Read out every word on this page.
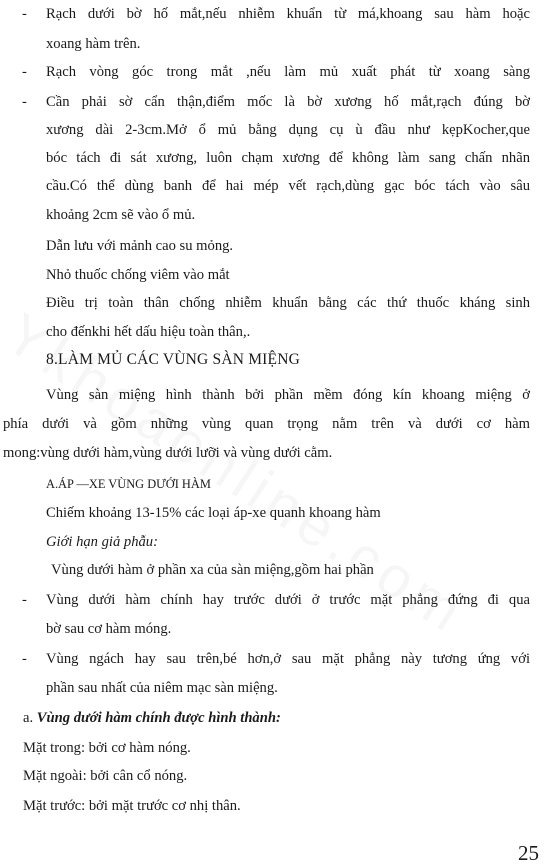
- Rạch dưới bờ hố mắt,nếu nhiễm khuẩn từ má,khoang sau hàm hoặc
xoang hàm trên.
- Rạch vòng góc trong mắt ,nếu làm mủ xuất phát từ xoang sàng
- Cần phải sờ cẩn thận,điểm mốc là bờ xương hố mắt,rạch đúng bờ
xương dài 2-3cm.Mở ổ mủ bằng dụng cụ ù đầu như kẹpKocher,que
bóc tách đi sát xương, luôn chạm xương để không làm sang chấn nhãn
cầu.Có thể dùng banh để hai mép vết rạch,dùng gạc bóc tách vào sâu
khoảng 2cm sẽ vào ổ mủ.
Dẫn lưu với mảnh cao su mỏng.
Nhỏ thuốc chống viêm vào mắt
Điều trị toàn thân chống nhiễm khuẩn bằng các thứ thuốc kháng sinh
cho đếnkhi hết dấu hiệu toàn thân,.
8.LÀM MỦ CÁC VÙNG SÀN MIỆNG
Vùng sàn miệng hình thành bởi phần mềm đóng kín khoang miệng ở
phía dưới và gồm những vùng quan trọng nằm trên và dưới cơ hàm
mong:vùng dưới hàm,vùng dưới lưỡi và vùng dưới cằm.
A.ÁP —XE VÙNG DƯỚI HÀM
Chiếm khoảng 13-15% các loại áp-xe quanh khoang hàm
Giới hạn giả phẫu:
Vùng dưới hàm ở phần xa của sàn miệng,gồm hai phần
- Vùng dưới hàm chính hay trước dưới ở trước mặt phẳng đứng đi qua
bờ sau cơ hàm móng.
- Vùng ngách hay sau trên,bé hơn,ở sau mặt phẳng này tương ứng với
phần sau nhất của niêm mạc sàn miệng.
a. Vùng dưới hàm chính được hình thành:
Mặt trong: bởi cơ hàm nóng.
Mặt ngoài: bởi cân cổ nóng.
Mặt trước: bởi mặt trước cơ nhị thân.
25
